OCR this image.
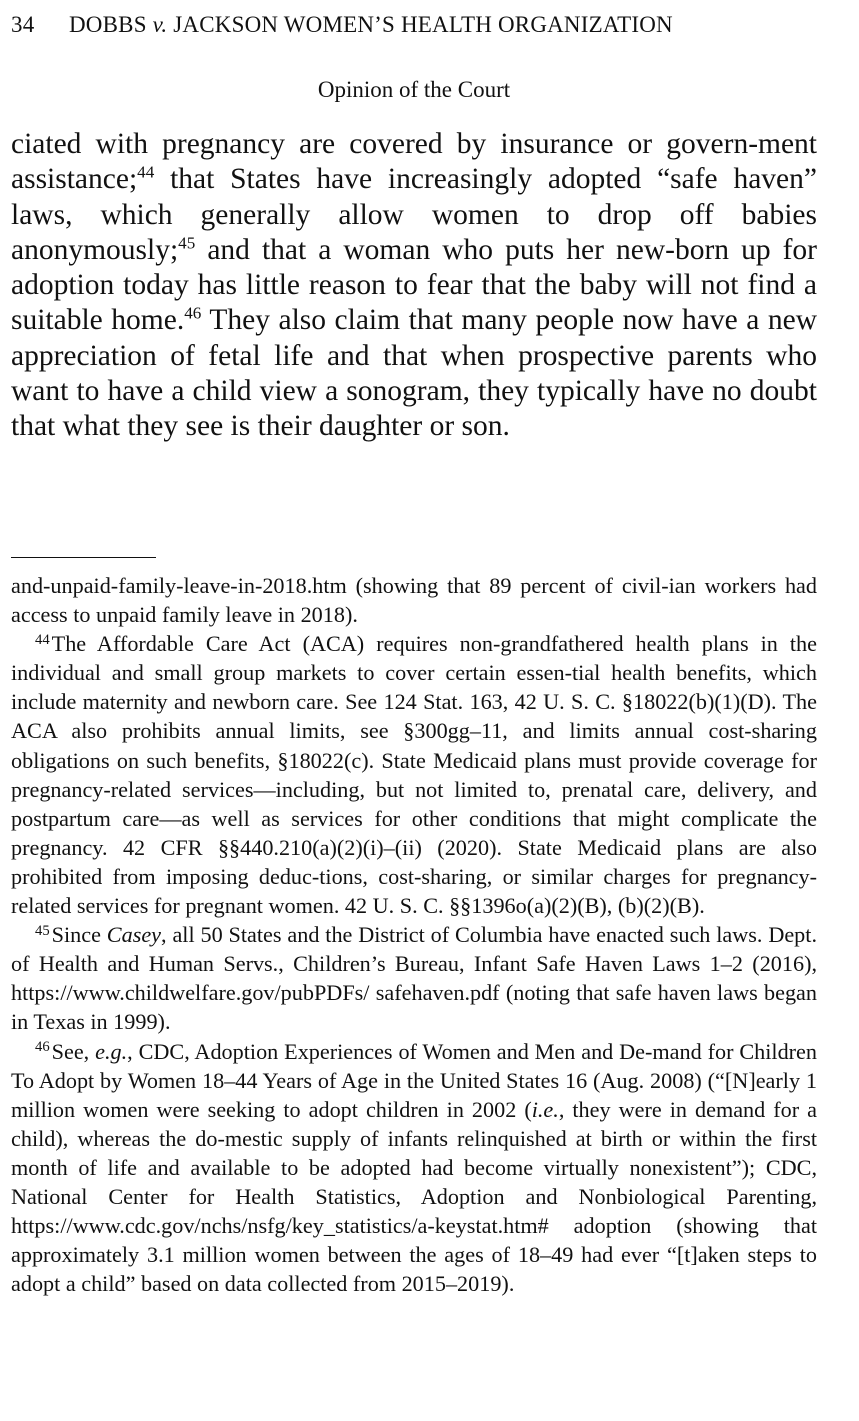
34 DOBBS v. JACKSON WOMEN’S HEALTH ORGANIZATION
Opinion of the Court
ciated with pregnancy are covered by insurance or govern-ment assistance;$^{44}$ that States have increasingly adopted “safe haven” laws, which generally allow women to drop off babies anonymously;$^{45}$ and that a woman who puts her new-born up for adoption today has little reason to fear that the baby will not find a suitable home.$^{46}$ They also claim that many people now have a new appreciation of fetal life and that when prospective parents who want to have a child view a sonogram, they typically have no doubt that what they see is their daughter or son.

and-unpaid-family-leave-in-2018.htm (showing that 89 percent of civil-ian workers had access to unpaid family leave in 2018).

$^{44}$The Affordable Care Act (ACA) requires non-grandfathered health plans in the individual and small group markets to cover certain essen-tial health benefits, which include maternity and newborn care. See 124 Stat. 163, 42 U. S. C. §18022(b)(1)(D). The ACA also prohibits annual limits, see §300gg–11, and limits annual cost-sharing obligations on such benefits, §18022(c). State Medicaid plans must provide coverage for pregnancy-related services—including, but not limited to, prenatal care, delivery, and postpartum care—as well as services for other conditions that might complicate the pregnancy. 42 CFR §§440.210(a)(2)(i)–(ii) (2020). State Medicaid plans are also prohibited from imposing deduc-tions, cost-sharing, or similar charges for pregnancy-related services for pregnant women. 42 U. S. C. §§1396o(a)(2)(B), (b)(2)(B).

$^{45}$Since Casey, all 50 States and the District of Columbia have enacted such laws. Dept. of Health and Human Servs., Children’s Bureau, Infant Safe Haven Laws 1–2 (2016), https://www.childwelfare.gov/pubPDFs/ safehaven.pdf (noting that safe haven laws began in Texas in 1999).

$^{46}$See, e.g., CDC, Adoption Experiences of Women and Men and De-mand for Children To Adopt by Women 18–44 Years of Age in the United States 16 (Aug. 2008) (“[N]early 1 million women were seeking to adopt children in 2002 (i.e., they were in demand for a child), whereas the do-mestic supply of infants relinquished at birth or within the first month of life and available to be adopted had become virtually nonexistent”); CDC, National Center for Health Statistics, Adoption and Nonbiological Parenting, https://www.cdc.gov/nchs/nsfg/key_statistics/a-keystat.htm# adoption (showing that approximately 3.1 million women between the ages of 18–49 had ever “[t]aken steps to adopt a child” based on data collected from 2015–2019).
